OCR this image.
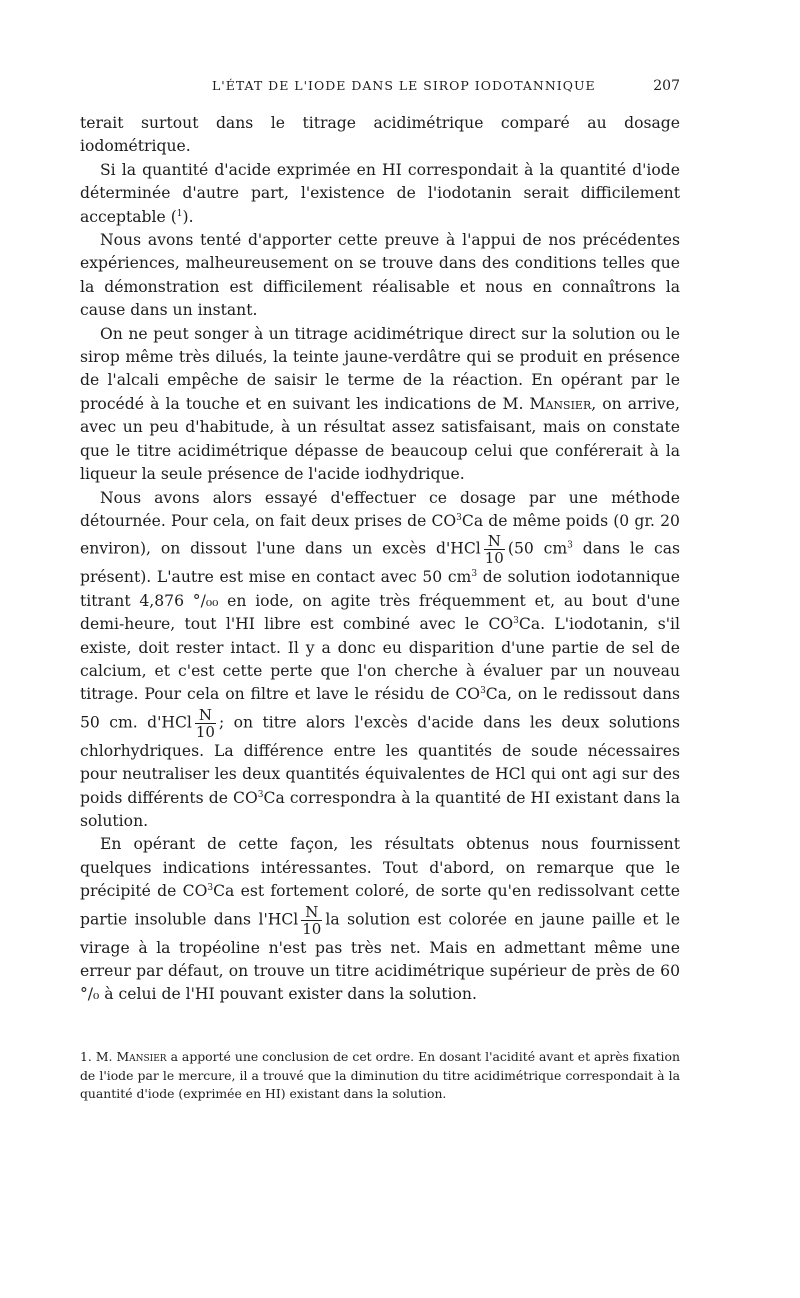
L'ÉTAT DE L'IODE DANS LE SIROP IODOTANNIQUE	207

terait surtout dans le titrage acidimétrique comparé au dosage iodométrique.

Si la quantité d'acide exprimée en HI correspondait à la quantité d'iode déterminée d'autre part, l'existence de l'iodotanin serait difficilement acceptable ($^1$).

Nous avons tenté d'apporter cette preuve à l'appui de nos précédentes expériences, malheureusement on se trouve dans des conditions telles que la démonstration est difficilement réalisable et nous en connaîtrons la cause dans un instant.

On ne peut songer à un titrage acidimétrique direct sur la solution ou le sirop même très dilués, la teinte jaune-verdâtre qui se produit en présence de l'alcali empêche de saisir le terme de la réaction. En opérant par le procédé à la touche et en suivant les indications de M. Mansier, on arrive, avec un peu d'habitude, à un résultat assez satisfaisant, mais on constate que le titre acidimétrique dépasse de beaucoup celui que conférerait à la liqueur la seule présence de l'acide iodhydrique.

Nous avons alors essayé d'effectuer ce dosage par une méthode détournée. Pour cela, on fait deux prises de $CO^3Ca$ de même poids (0 gr. 20 environ), on dissout l'une dans un excès $d'HCl \frac{N}{10} (50$ $cm^3$ dans le cas présent). L'autre est mise en contact avec 50 $cm^3$ de solution iodotannique titrant 4,876 °/₀₀ en iode, on agite très fréquemment et, au bout d'une demi-heure, tout l'HI libre est combiné avec le $CO^3Ca$. L'iodotanin, s'il existe, doit rester intact. Il y a donc eu disparition d'une partie de sel de calcium, et c'est cette perte que l'on cherche à évaluer par un nouveau titrage. Pour cela on filtre et lave le résidu de $CO^3Ca$, on le redissout dans 50 cm. $d'HCl \frac{N}{10}$ ; on titre alors l'excès d'acide dans les deux solutions chlorhydriques. La différence entre les quantités de soude nécessaires pour neutraliser les deux quantités équivalentes de HCl qui ont agi sur des poids différents de $CO^3Ca$ correspondra à la quantité de HI existant dans la solution.

En opérant de cette façon, les résultats obtenus nous fournissent quelques indications intéressantes. Tout d'abord, on remarque que le précipité de $CO^3Ca$ est fortement coloré, de sorte qu'en redissolvant cette partie insoluble dans $l'HCl \frac{N}{10}$ la solution est colorée en jaune paille et le virage à la tropéoline n'est pas très net. Mais en admettant même une erreur par défaut, on trouve un titre acidimétrique supérieur de près de 60 °/₀ à celui de l'HI pouvant exister dans la solution.

1. M. Mansier a apporté une conclusion de cet ordre. En dosant l'acidité avant et après fixation de l'iode par le mercure, il a trouvé que la diminution du titre acidimétrique correspondait à la quantité d'iode (exprimée en HI) existant dans la solution.
